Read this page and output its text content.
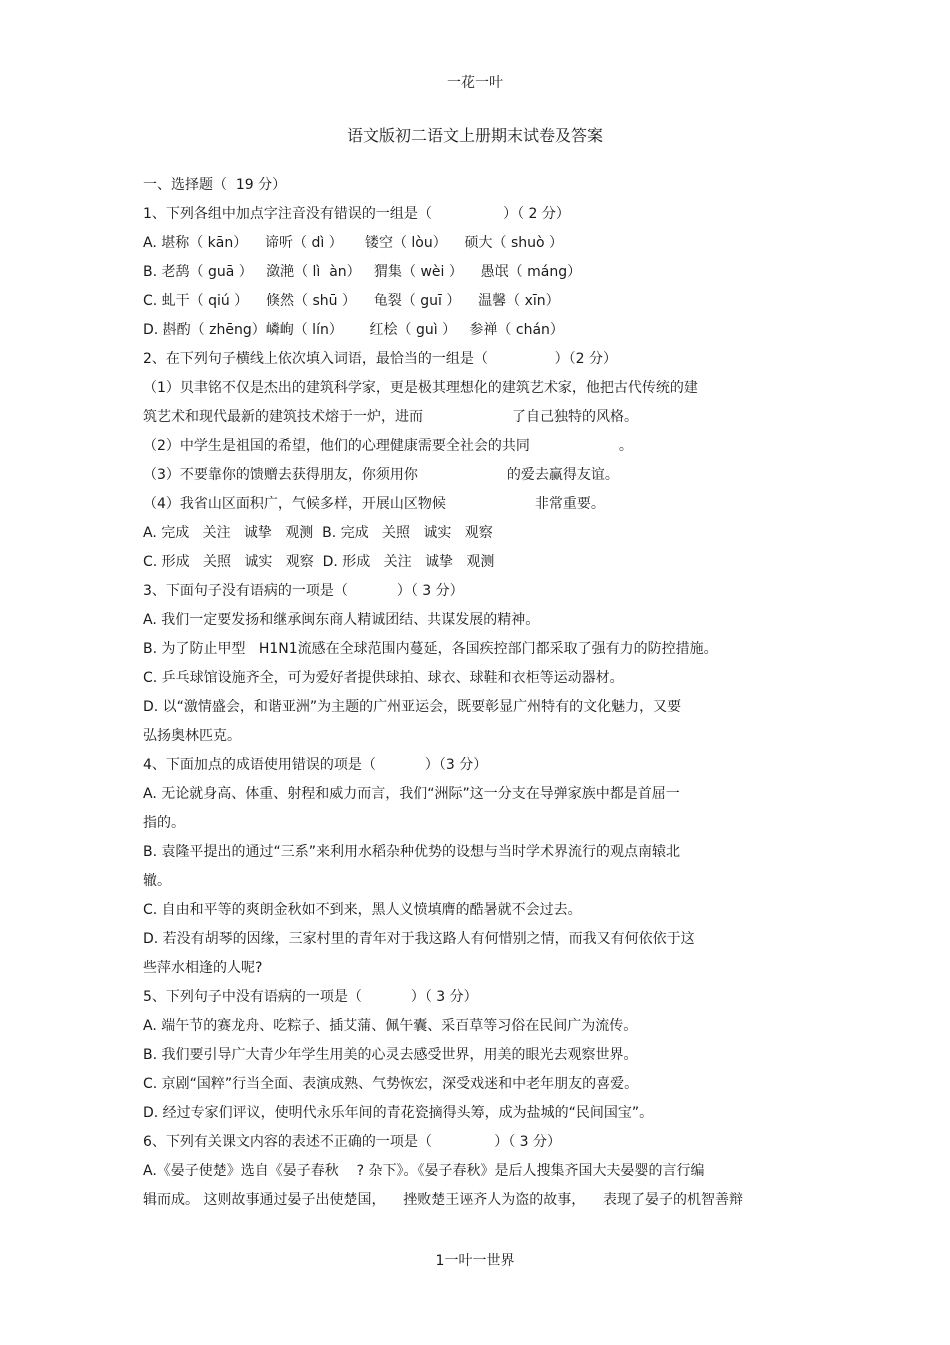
一花一叶
语文版初二语文上册期末试卷及答案
一、选择题（  19 分）
1、下列各组中加点字注音没有错误的一组是（                ）（ 2 分）
A. 堪称（ kān）    谛听（ dì ）     镂空（ lòu）    硕大（ shuò ）
B. 老鸹（ guā ）   潋滟（ lì  àn）   猬集（ wèi ）    愚氓（ máng）
C. 虬干（ qiú ）    倏然（ shū ）    龟裂（ guī ）    温馨（ xīn）
D. 斟酌（ zhēng）嶙峋（ lín）      红桧（ guì ）   参禅（ chán）
2、在下列句子横线上依次填入词语，最恰当的一组是（               ）（2 分）
（1）贝聿铭不仅是杰出的建筑科学家，更是极其理想化的建筑艺术家，他把古代传统的建
筑艺术和现代最新的建筑技术熔于一炉，进而                    了自己独特的风格。
（2）中学生是祖国的希望，他们的心理健康需要全社会的共同                    。
（3）不要靠你的馈赠去获得朋友，你须用你                    的爱去赢得友谊。
（4）我省山区面积广，气候多样，开展山区物候                    非常重要。
A. 完成   关注   诚挚   观测  B. 完成   关照   诚实   观察
C. 形成   关照   诚实   观察  D. 形成   关注   诚挚   观测
3、下面句子没有语病的一项是（           ）（ 3 分）
A. 我们一定要发扬和继承闽东商人精诚团结、共谋发展的精神。
B. 为了防止甲型   H1N1流感在全球范围内蔓延，各国疾控部门都采取了强有力的防控措施。
C. 乒乓球馆设施齐全，可为爱好者提供球拍、球衣、球鞋和衣柜等运动器材。
D. 以“激情盛会，和谐亚洲”为主题的广州亚运会，既要彰显广州特有的文化魅力，又要
弘扬奥林匹克。
4、下面加点的成语使用错误的项是（           ）（3 分）
A. 无论就身高、体重、射程和威力而言，我们“洲际”这一分支在导弹家族中都是首屈一
指的。
B. 袁隆平提出的通过“三系”来利用水稻杂种优势的设想与当时学术界流行的观点南辕北
辙。
C. 自由和平等的爽朗金秋如不到来，黑人义愤填膺的酷暑就不会过去。
D. 若没有胡琴的因缘，三家村里的青年对于我这路人有何惜别之情，而我又有何依依于这
些萍水相逢的人呢?
5、下列句子中没有语病的一项是（           ）（ 3 分）
A. 端午节的赛龙舟、吃粽子、插艾蒲、佩午囊、采百草等习俗在民间广为流传。
B. 我们要引导广大青少年学生用美的心灵去感受世界，用美的眼光去观察世界。
C. 京剧“国粹”行当全面、表演成熟、气势恢宏，深受戏迷和中老年朋友的喜爱。
D. 经过专家们评议，使明代永乐年间的青花瓷摘得头筹，成为盐城的“民间国宝”。
6、下列有关课文内容的表述不正确的一项是（              ）（ 3 分）
A.《晏子使楚》选自《晏子春秋    ? 杂下》。《晏子春秋》是后人搜集齐国大夫晏婴的言行编
辑而成。 这则故事通过晏子出使楚国，    挫败楚王诬齐人为盗的故事，    表现了晏子的机智善辩
1一叶一世界
